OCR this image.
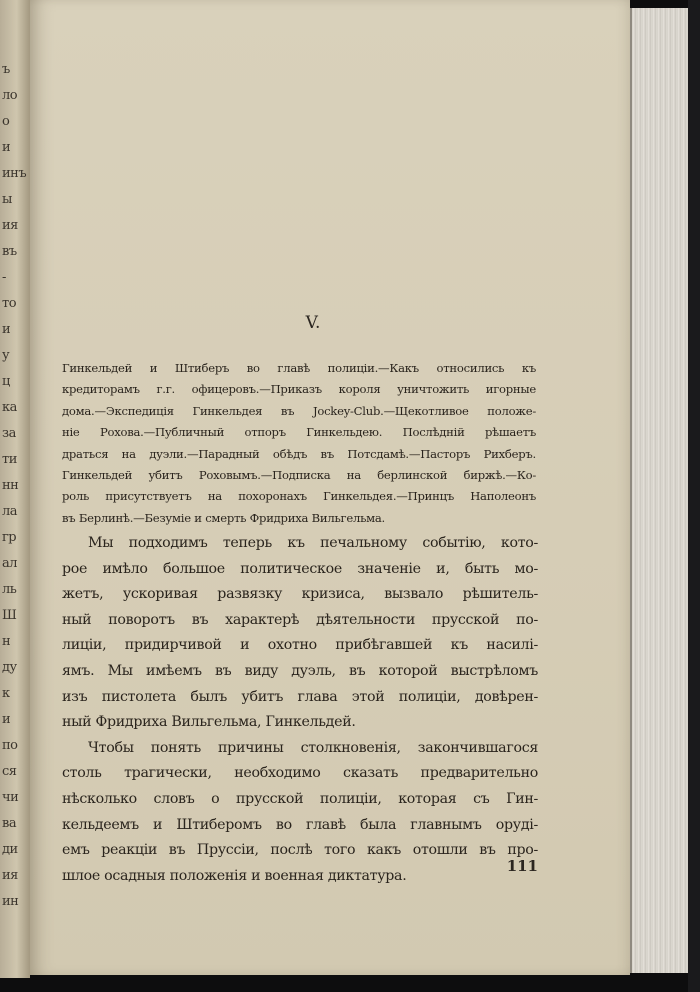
ъ
ло
о
и
инъ
ы
ия
въ
-
то
и
у
ц
ка
за
ти
нн
ла
гр
ал
ль
Ш
н
ду
к
и
по
ся
чи
ва
ди
ия
ин
V.
Гинкельдей и Штиберъ во главѣ полиціи.—Какъ относились къ
кредиторамъ г.г. офицеровъ.—Приказъ короля уничтожить игорные
дома.—Экспедиція Гинкельдея въ Jockey-Club.—Щекотливое положе-
ніе Рохова.—Публичный отпоръ Гинкельдею. Послѣдній рѣшаетъ
драться на дуэли.—Парадный обѣдъ въ Потсдамѣ.—Пасторъ Рихберъ.
Гинкельдей убитъ Роховымъ.—Подписка на берлинской биржѣ.—Ко-
роль присутствуетъ на похоронахъ Гинкельдея.—Принцъ Наполеонъ
въ Берлинѣ.—Безуміе и смерть Фридриха Вильгельма.
Мы подходимъ теперь къ печальному событію, кото-
рое имѣло большое политическое значеніе и, быть мо-
жетъ, ускоривая развязку кризиса, вызвало рѣшитель-
ный поворотъ въ характерѣ дѣятельности прусской по-
лиціи, придирчивой и охотно прибѣгавшей къ насилі-
ямъ. Мы имѣемъ въ виду дуэль, въ которой выстрѣломъ
изъ пистолета былъ убитъ глава этой полиціи, довѣрен-
ный Фридриха Вильгельма, Гинкельдей.
Чтобы понять причины столкновенія, закончившагося
столь трагически, необходимо сказать предварительно
нѣсколько словъ о прусской полиціи, которая съ Гин-
кельдеемъ и Штиберомъ во главѣ была главнымъ оруді-
емъ реакціи въ Пруссіи, послѣ того какъ отошли въ про-
шлое осадныя положенія и военная диктатура.
111
